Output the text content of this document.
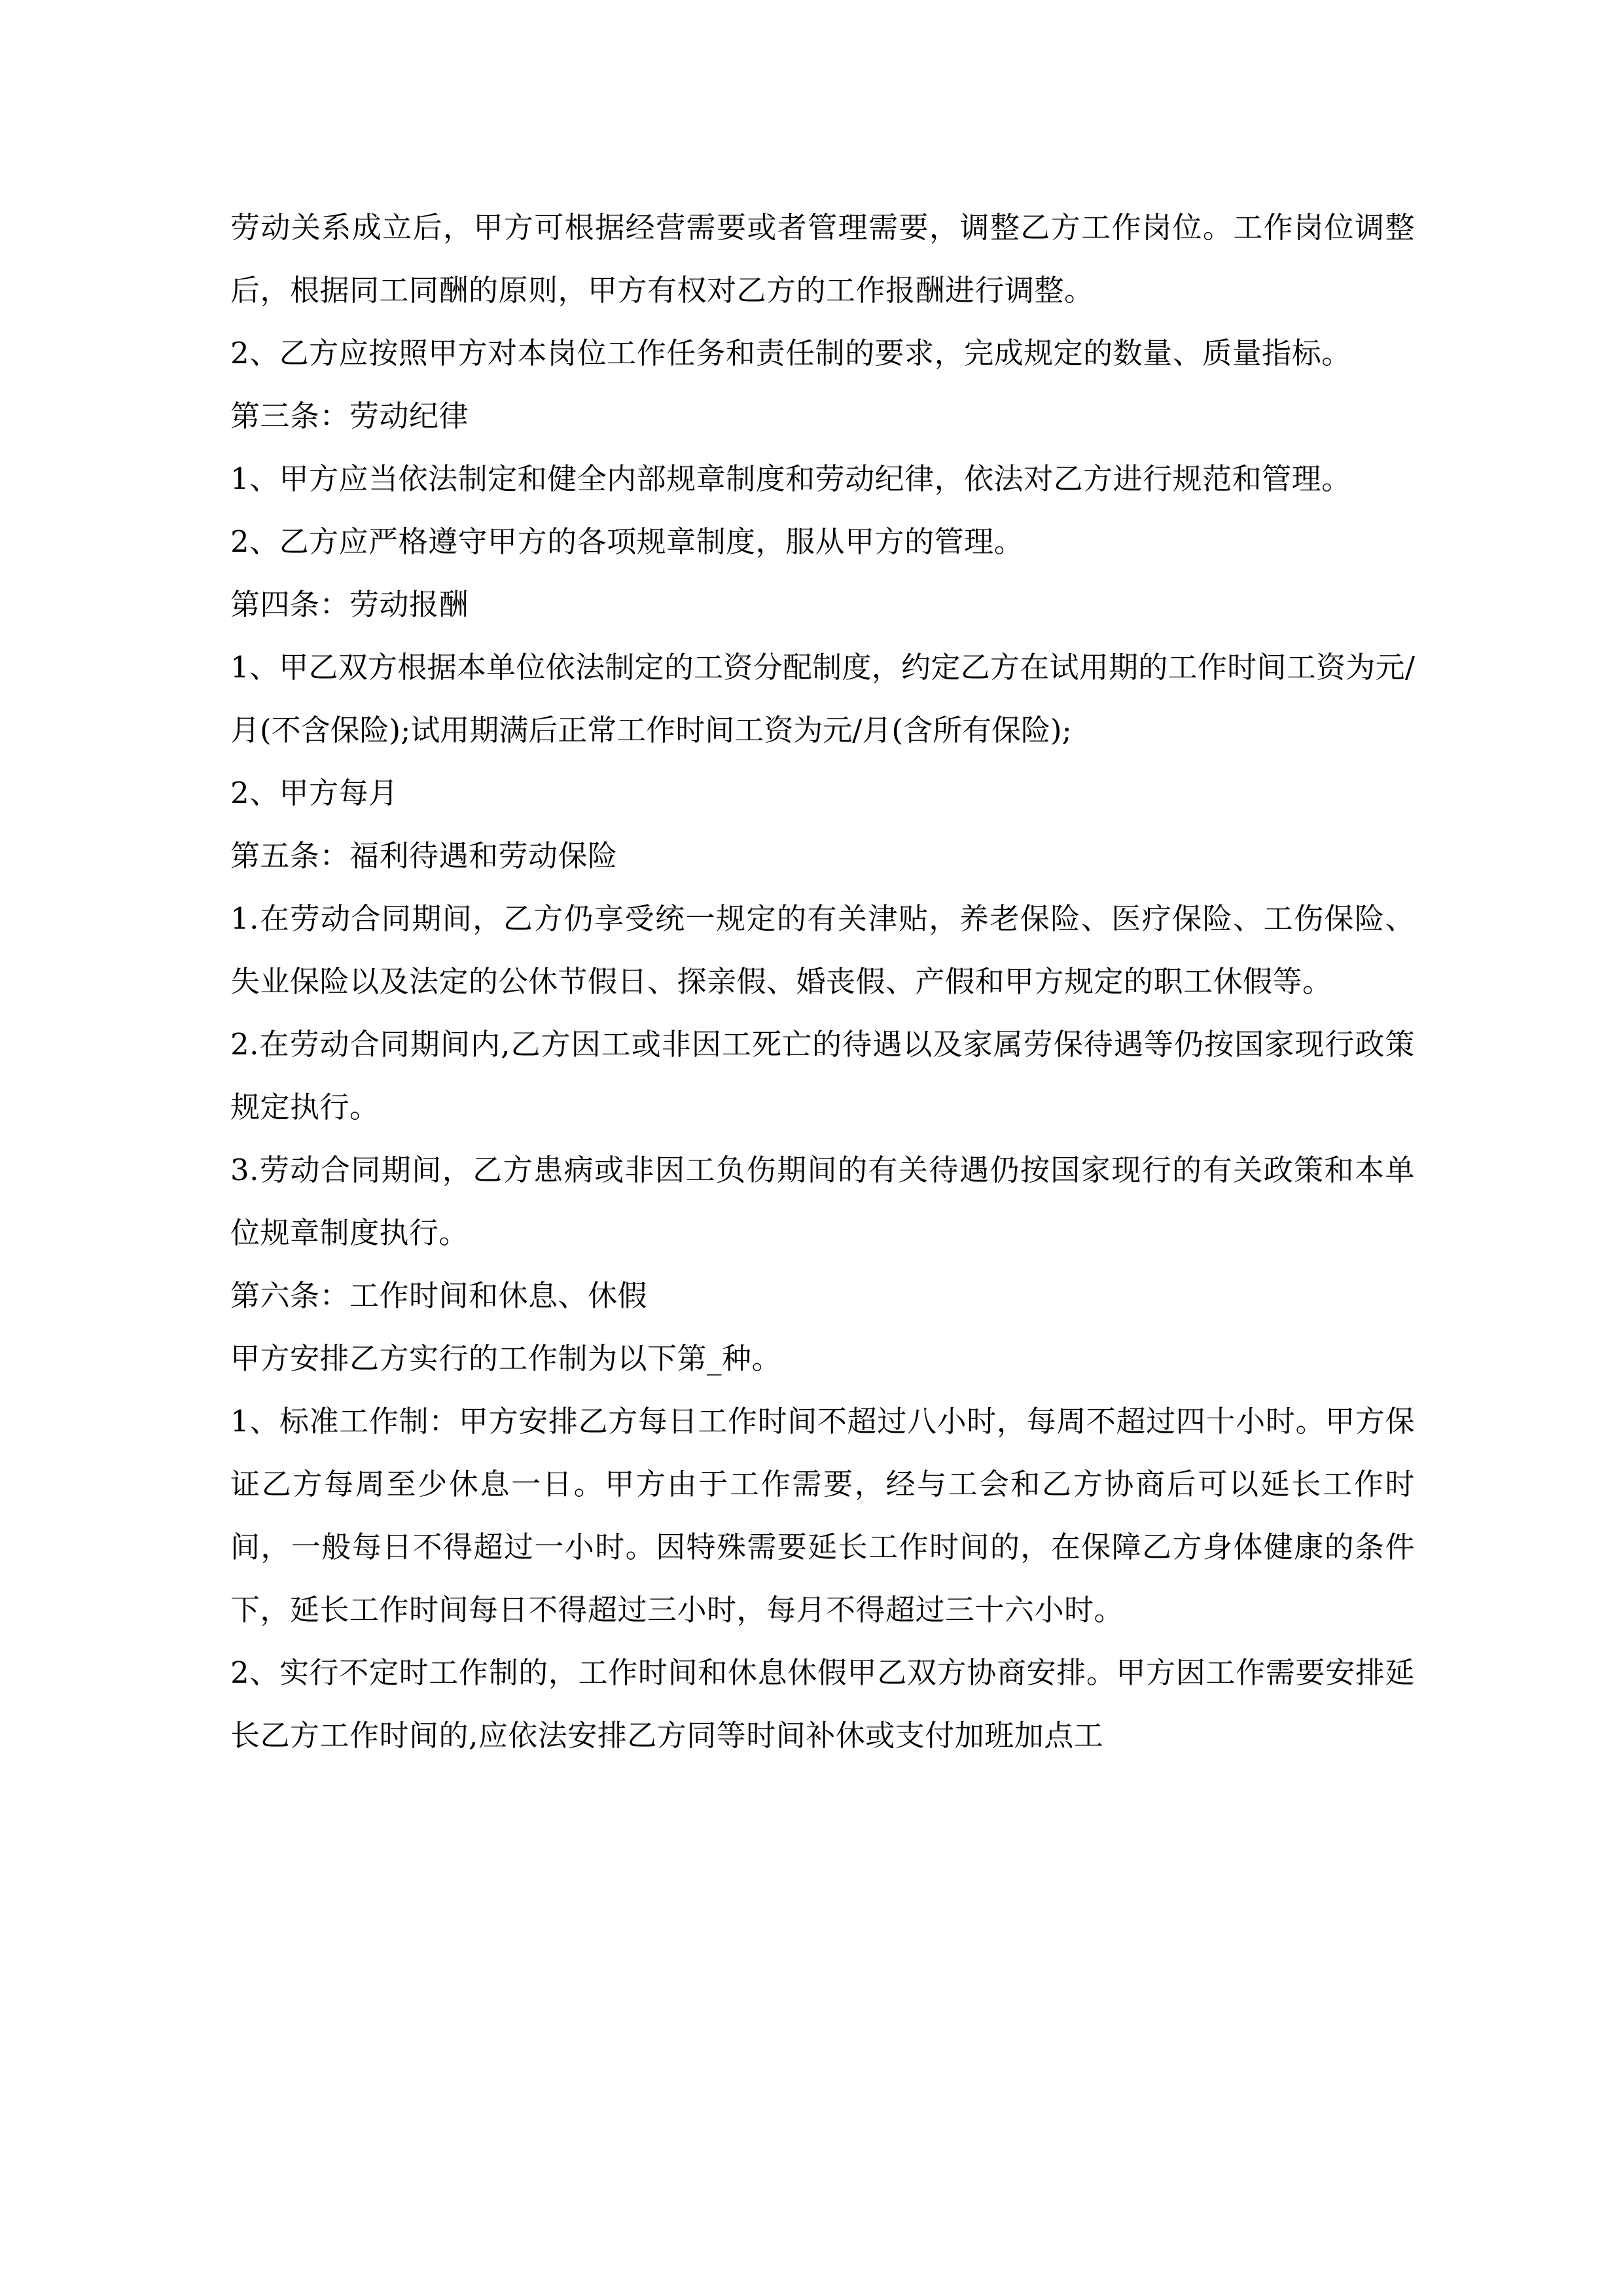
劳动关系成立后，甲方可根据经营需要或者管理需要，调整乙方工作岗位。工作岗位调整后，根据同工同酬的原则，甲方有权对乙方的工作报酬进行调整。

2、乙方应按照甲方对本岗位工作任务和责任制的要求，完成规定的数量、质量指标。

第三条：劳动纪律

1、甲方应当依法制定和健全内部规章制度和劳动纪律，依法对乙方进行规范和管理。

2、乙方应严格遵守甲方的各项规章制度，服从甲方的管理。

第四条：劳动报酬

1、甲乙双方根据本单位依法制定的工资分配制度，约定乙方在试用期的工作时间工资为元/月(不含保险);试用期满后正常工作时间工资为元/月(含所有保险);

2、甲方每月

第五条：福利待遇和劳动保险

1.在劳动合同期间，乙方仍享受统一规定的有关津贴，养老保险、医疗保险、工伤保险、失业保险以及法定的公休节假日、探亲假、婚丧假、产假和甲方规定的职工休假等。

2.在劳动合同期间内,乙方因工或非因工死亡的待遇以及家属劳保待遇等仍按国家现行政策规定执行。

3.劳动合同期间，乙方患病或非因工负伤期间的有关待遇仍按国家现行的有关政策和本单位规章制度执行。

第六条：工作时间和休息、休假

甲方安排乙方实行的工作制为以下第_种。

1、标准工作制：甲方安排乙方每日工作时间不超过八小时，每周不超过四十小时。甲方保证乙方每周至少休息一日。甲方由于工作需要，经与工会和乙方协商后可以延长工作时间，一般每日不得超过一小时。因特殊需要延长工作时间的，在保障乙方身体健康的条件下，延长工作时间每日不得超过三小时，每月不得超过三十六小时。

2、实行不定时工作制的，工作时间和休息休假甲乙双方协商安排。甲方因工作需要安排延长乙方工作时间的,应依法安排乙方同等时间补休或支付加班加点工
